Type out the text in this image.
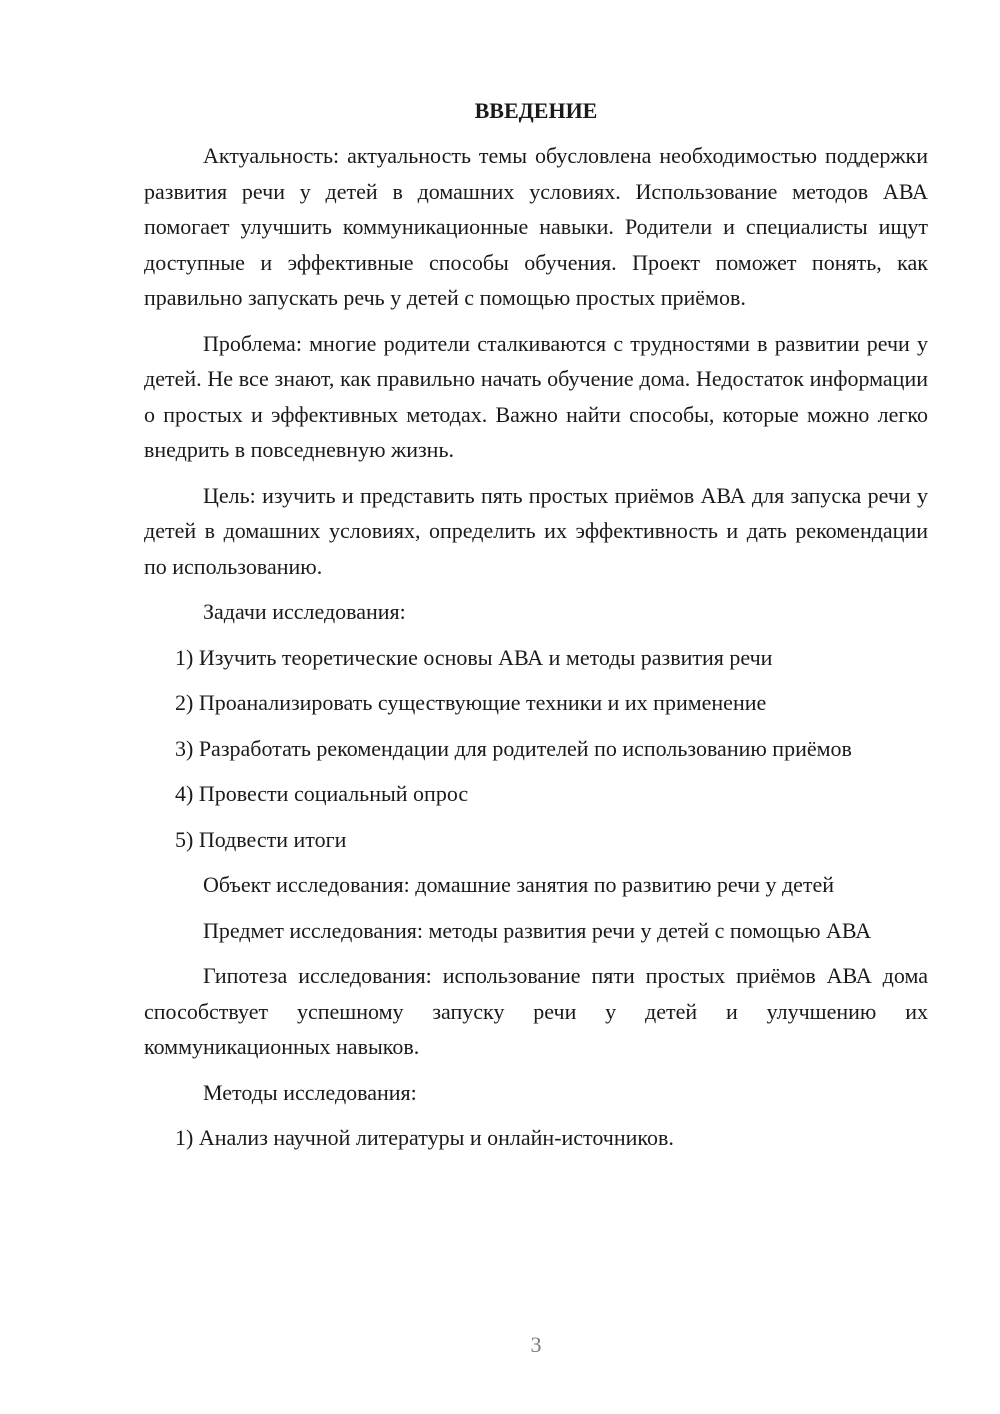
ВВЕДЕНИЕ

Актуальность: актуальность темы обусловлена необходимостью поддержки развития речи у детей в домашних условиях. Использование методов АВА помогает улучшить коммуникационные навыки. Родители и специалисты ищут доступные и эффективные способы обучения. Проект поможет понять, как правильно запускать речь у детей с помощью простых приёмов.

Проблема: многие родители сталкиваются с трудностями в развитии речи у детей. Не все знают, как правильно начать обучение дома. Недостаток информации о простых и эффективных методах. Важно найти способы, которые можно легко внедрить в повседневную жизнь.

Цель: изучить и представить пять простых приёмов АВА для запуска речи у детей в домашних условиях, определить их эффективность и дать рекомендации по использованию.

Задачи исследования:

1) Изучить теоретические основы АВА и методы развития речи

2) Проанализировать существующие техники и их применение

3) Разработать рекомендации для родителей по использованию приёмов

4) Провести социальный опрос

5) Подвести итоги

Объект исследования: домашние занятия по развитию речи у детей

Предмет исследования: методы развития речи у детей с помощью АВА

Гипотеза исследования: использование пяти простых приёмов АВА дома способствует успешному запуску речи у детей и улучшению их коммуникационных навыков.

Методы исследования:

1) Анализ научной литературы и онлайн-источников.

3
